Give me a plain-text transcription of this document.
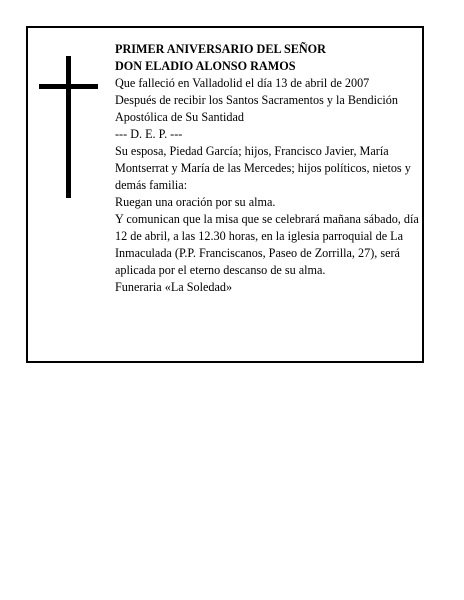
PRIMER ANIVERSARIO DEL SEÑOR

DON ELADIO ALONSO RAMOS

Que falleció en Valladolid el día 13 de abril de 2007

Después de recibir los Santos Sacramentos y la Bendición Apostólica de Su Santidad

--- D. E. P. ---

Su esposa, Piedad García; hijos, Francisco Javier, María Montserrat y María de las Mercedes; hijos políticos, nietos y demás familia:

Ruegan una oración por su alma.

Y comunican que la misa que se celebrará mañana sábado, día 12 de abril, a las 12.30 horas, en la iglesia parroquial de La Inmaculada (P.P. Franciscanos, Paseo de Zorrilla, 27), será aplicada por el eterno descanso de su alma.

Funeraria «La Soledad»
